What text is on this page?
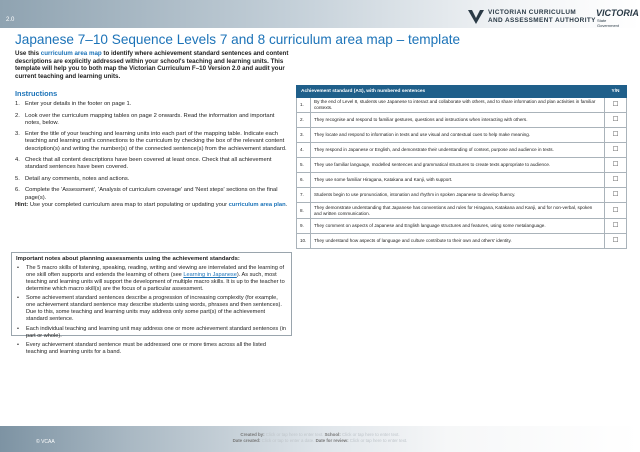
2.0
VICTORIAN CURRICULUM
AND ASSESSMENT AUTHORITY
VICTORIA
State
Government
Japanese 7–10 Sequence Levels 7 and 8 curriculum area map – template
Use this curriculum area map to identify where achievement standard sentences and content descriptions are explicitly addressed within your school's teaching and learning units. This template will help you to both map the Victorian Curriculum F–10 Version 2.0 and audit your current teaching and learning units.
Instructions
1. Enter your details in the footer on page 1.
2. Look over the curriculum mapping tables on page 2 onwards. Read the information and important notes, below.
3. Enter the title of your teaching and learning units into each part of the mapping table. Indicate each teaching and learning unit's connections to the curriculum by checking the box of the relevant content description(s) and writing the number(s) of the connected sentence(s) from the achievement standard.
4. Check that all content descriptions have been covered at least once. Check that all achievement standard sentences have been covered.
5. Detail any comments, notes and actions.
6. Complete the 'Assessment', 'Analysis of curriculum coverage' and 'Next steps' sections on the final page(s).
Hint: Use your completed curriculum area map to start populating or updating your curriculum area plan.
Important notes about planning assessments using the achievement standards:
• The 5 macro skills of listening, speaking, reading, writing and viewing are interrelated and the learning of one skill often supports and extends the learning of others (see Learning in Japanese). As such, most teaching and learning units will support the development of multiple macro skills. It is up to the teacher to determine which macro skill(s) are the focus of a particular assessment.
• Some achievement standard sentences describe a progression of increasing complexity (for example, one achievement standard sentence may describe students using words, phrases and then sentences). Due to this, some teaching and learning units may address only some part(s) of the achievement standard sentence.
• Each individual teaching and learning unit may address one or more achievement standard sentences (in part or whole).
• Every achievement standard sentence must be addressed one or more times across all the listed teaching and learning units for a band.
Achievement standard (AS), with numbered sentences		Y/N
1.	By the end of Level 8, students use Japanese to interact and collaborate with others, and to share information and plan activities in familiar contexts.	☐
2.	They recognise and respond to familiar gestures, questions and instructions when interacting with others.	☐
3.	They locate and respond to information in texts and use visual and contextual cues to help make meaning.	☐
4.	They respond in Japanese or English, and demonstrate their understanding of context, purpose and audience in texts.	☐
5.	They use familiar language, modelled sentences and grammatical structures to create texts appropriate to audience.	☐
6.	They use some familiar Hiragana, Katakana and Kanji, with support.	☐
7.	Students begin to use pronunciation, intonation and rhythm in spoken Japanese to develop fluency.	☐
8.	They demonstrate understanding that Japanese has conventions and rules for Hiragana, Katakana and Kanji, and for non-verbal, spoken and written communication.	☐
9.	They comment on aspects of Japanese and English language structures and features, using some metalanguage.	☐
10.	They understand how aspects of language and culture contribute to their own and others' identity.	☐
© VCAA
Created by: Click or tap here to enter text. School: Click or tap here to enter text.
Date created: Click or tap to enter a date. Date for review: Click or tap here to enter text.
